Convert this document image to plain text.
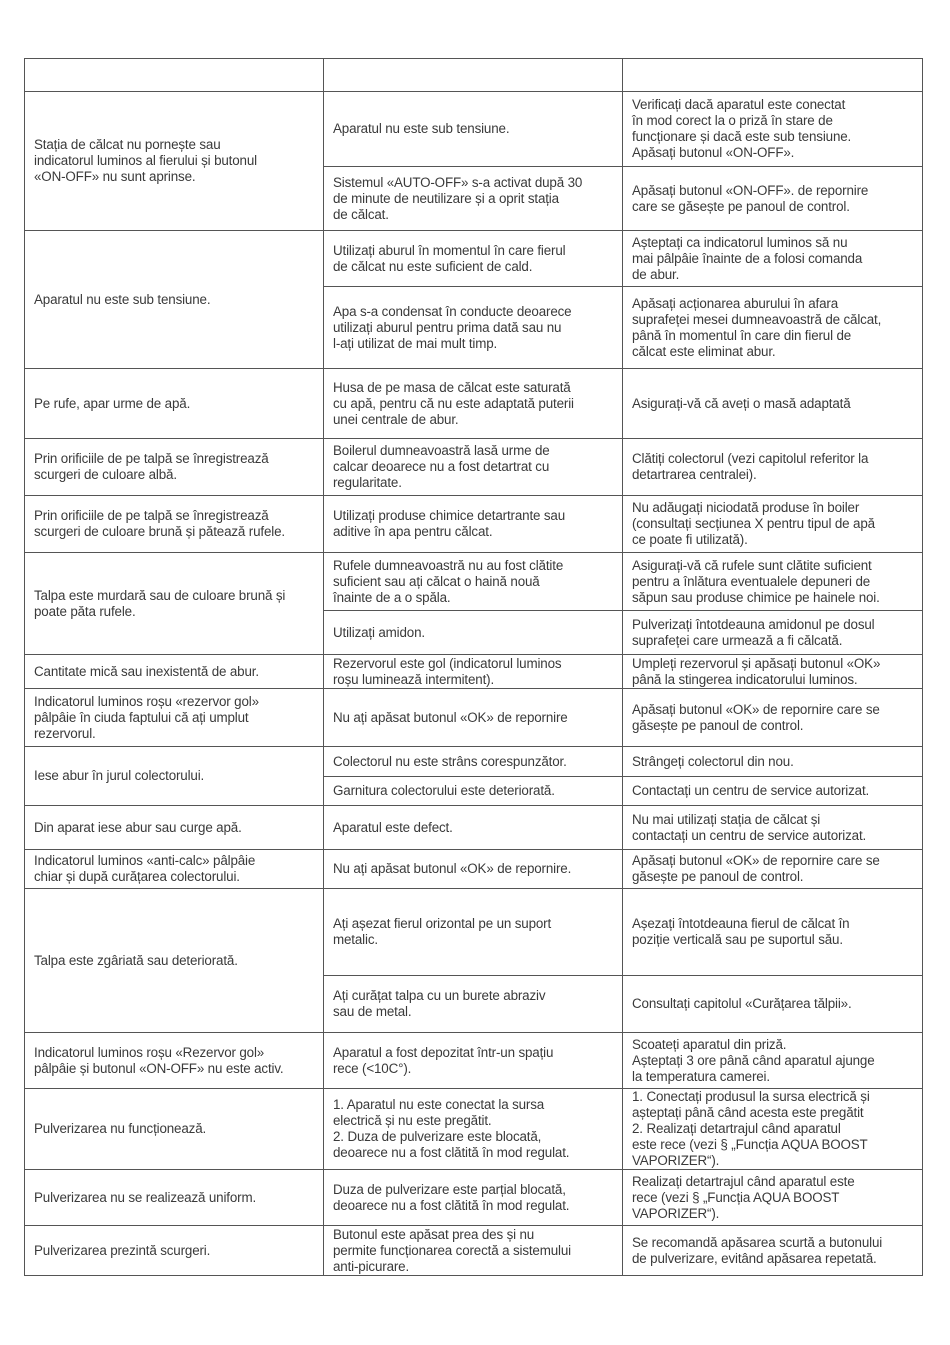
Stația de călcat nu pornește sau
indicatorul luminos al fierului și butonul
«ON-OFF» nu sunt aprinse.	Aparatul nu este sub tensiune.	Verificați dacă aparatul este conectat
în mod corect la o priză în stare de
funcționare și dacă este sub tensiune.
Apăsați butonul «ON-OFF».

	Sistemul «AUTO-OFF» s-a activat după 30
de minute de neutilizare și a oprit stația
de călcat.	Apăsați butonul «ON-OFF». de repornire
care se găsește pe panoul de control.

Aparatul nu este sub tensiune.	Utilizați aburul în momentul în care fierul
de călcat nu este suficient de cald.	Așteptați ca indicatorul luminos să nu
mai pâlpâie înainte de a folosi comanda
de abur.

	Apa s-a condensat în conducte deoarece
utilizați aburul pentru prima dată sau nu
l-ați utilizat de mai mult timp.	Apăsați acționarea aburului în afara
suprafeței mesei dumneavoastră de călcat,
până în momentul în care din fierul de
călcat este eliminat abur.

Pe rufe, apar urme de apă.	Husa de pe masa de călcat este saturată
cu apă, pentru că nu este adaptată puterii
unei centrale de abur.	Asigurați-vă că aveți o masă adaptată

Prin orificiile de pe talpă se înregistrează
scurgeri de culoare albă.	Boilerul dumneavoastră lasă urme de
calcar deoarece nu a fost detartrat cu
regularitate.	Clătiți colectorul (vezi capitolul referitor la
detartrarea centralei).

Prin orificiile de pe talpă se înregistrează
scurgeri de culoare brună și pătează rufele.	Utilizați produse chimice detartrante sau
aditive în apa pentru călcat.	Nu adăugați niciodată produse în boiler
(consultați secțiunea X pentru tipul de apă
ce poate fi utilizată).

Talpa este murdară sau de culoare brună și
poate păta rufele.	Rufele dumneavoastră nu au fost clătite
suficient sau ați călcat o haină nouă
înainte de a o spăla.	Asigurați-vă că rufele sunt clătite suficient
pentru a înlătura eventualele depuneri de
săpun sau produse chimice pe hainele noi.

	Utilizați amidon.	Pulverizați întotdeauna amidonul pe dosul
suprafeței care urmează a fi călcată.

Cantitate mică sau inexistentă de abur.	Rezervorul este gol (indicatorul luminos
roșu luminează intermitent).	Umpleți rezervorul și apăsați butonul «OK»
până la stingerea indicatorului luminos.

Indicatorul luminos roșu «rezervor gol»
pâlpâie în ciuda faptului că ați umplut
rezervorul.	Nu ați apăsat butonul «OK» de repornire	Apăsați butonul «OK» de repornire care se
găsește pe panoul de control.

Iese abur în jurul colectorului.	Colectorul nu este strâns corespunzător.	Strângeți colectorul din nou.

	Garnitura colectorului este deteriorată.	Contactați un centru de service autorizat.

Din aparat iese abur sau curge apă.	Aparatul este defect.	Nu mai utilizați stația de călcat și
contactați un centru de service autorizat.

Indicatorul luminos «anti-calc» pâlpâie
chiar și după curățarea colectorului.	Nu ați apăsat butonul «OK» de repornire.	Apăsați butonul «OK» de repornire care se
găsește pe panoul de control.

Talpa este zgâriată sau deteriorată.	Ați așezat fierul orizontal pe un suport
metalic.	Așezați întotdeauna fierul de călcat în
poziție verticală sau pe suportul său.

	Ați curățat talpa cu un burete abraziv
sau de metal.	Consultați capitolul «Curățarea tălpii».

Indicatorul luminos roșu «Rezervor gol»
pâlpâie și butonul «ON-OFF» nu este activ.	Aparatul a fost depozitat într-un spațiu
rece (<10C°).	Scoateți aparatul din priză.
Așteptați 3 ore până când aparatul ajunge
la temperatura camerei.

Pulverizarea nu funcționează.	1. Aparatul nu este conectat la sursa
electrică și nu este pregătit.
2. Duza de pulverizare este blocată,
deoarece nu a fost clătită în mod regulat.	1. Conectați produsul la sursa electrică și
așteptați până când acesta este pregătit
2. Realizați detartrajul când aparatul
este rece (vezi § „Funcția AQUA BOOST
VAPORIZER“).

Pulverizarea nu se realizează uniform.	Duza de pulverizare este parțial blocată,
deoarece nu a fost clătită în mod regulat.	Realizați detartrajul când aparatul este
rece (vezi § „Funcția AQUA BOOST
VAPORIZER“).

Pulverizarea prezintă scurgeri.	Butonul este apăsat prea des și nu
permite funcționarea corectă a sistemului
anti-picurare.	Se recomandă apăsarea scurtă a butonului
de pulverizare, evitând apăsarea repetată.
